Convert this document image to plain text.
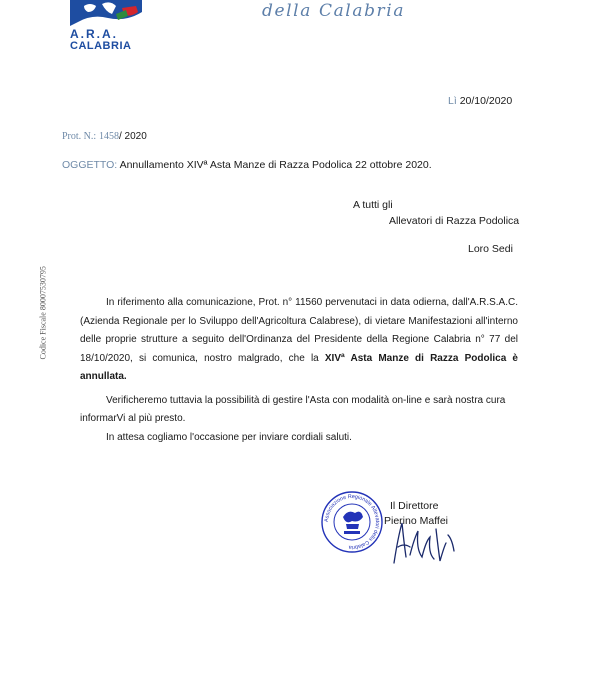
A.R.A.
CALABRIA
della Calabria
Lì 20/10/2020
Prot. N.: 1458/ 2020
OGGETTO: Annullamento XIVª Asta Manze di Razza Podolica 22 ottobre 2020.
A tutti gli
Allevatori di Razza Podolica
Loro Sedi
Codice Fiscale 80007530795	In riferimento alla comunicazione, Prot. n° 11560 pervenutaci in data odierna, dall'A.R.S.A.C. (Azienda Regionale per lo Sviluppo dell'Agricoltura Calabrese), di vietare Manifestazioni all'interno delle proprie strutture a seguito dell'Ordinanza del Presidente della Regione Calabria n° 77 del 18/10/2020, si comunica, nostro malgrado, che la XIVª Asta Manze di Razza Podolica è annullata.

Verificheremo tuttavia la possibilità di gestire l'Asta con modalità on-line e sarà nostra cura informarVi al più presto.

In attesa cogliamo l'occasione per inviare cordiali saluti.

Associazione Regionale Allevatori della Calabria
Il Direttore
Pierino Maffei
